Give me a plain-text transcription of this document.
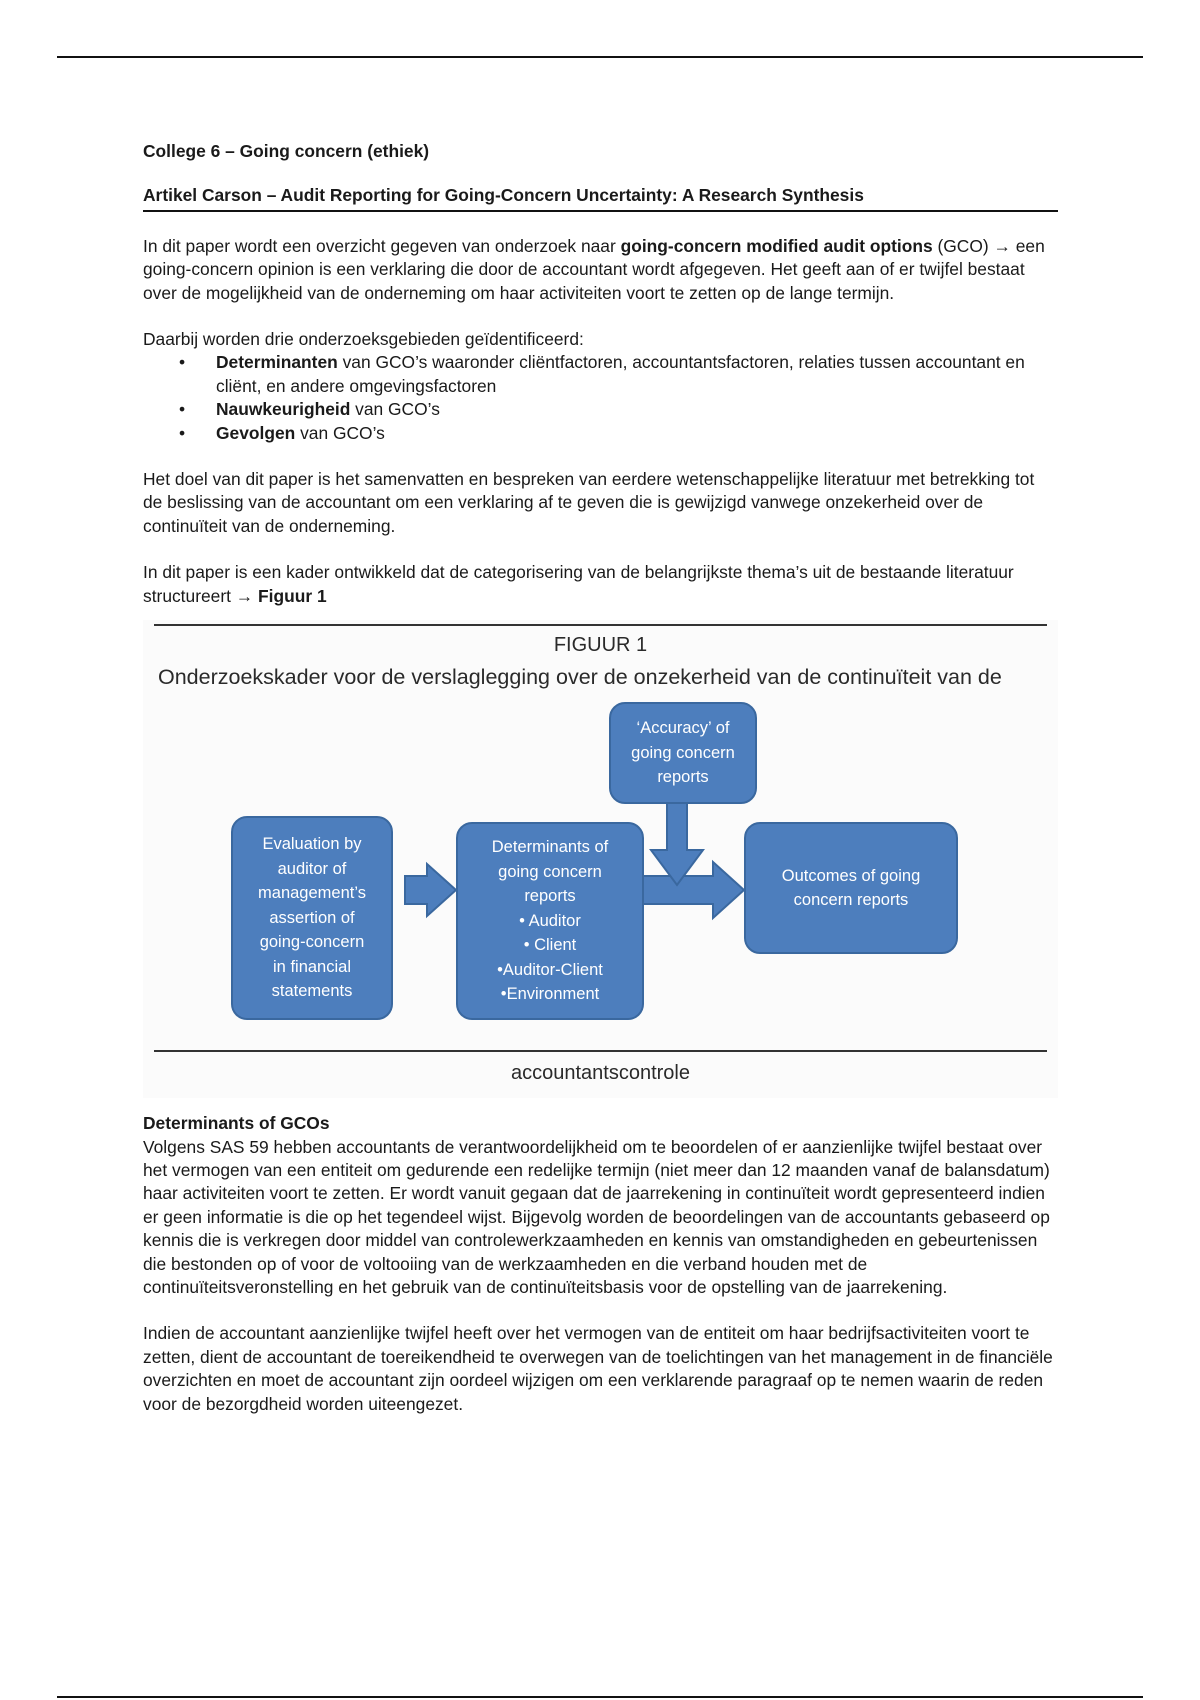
College 6 – Going concern (ethiek)

Artikel Carson – Audit Reporting for Going-Concern Uncertainty: A Research Synthesis

In dit paper wordt een overzicht gegeven van onderzoek naar going-concern modified audit options (GCO) → een going-concern opinion is een verklaring die door de accountant wordt afgegeven. Het geeft aan of er twijfel bestaat over de mogelijkheid van de onderneming om haar activiteiten voort te zetten op de lange termijn.

Daarbij worden drie onderzoeksgebieden geïdentificeerd:

• Determinanten van GCO’s waaronder cliëntfactoren, accountantsfactoren, relaties tussen accountant en cliënt, en andere omgevingsfactoren
• Nauwkeurigheid van GCO’s
• Gevolgen van GCO’s

Het doel van dit paper is het samenvatten en bespreken van eerdere wetenschappelijke literatuur met betrekking tot de beslissing van de accountant om een verklaring af te geven die is gewijzigd vanwege onzekerheid over de continuïteit van de onderneming.

In dit paper is een kader ontwikkeld dat de categorisering van de belangrijkste thema’s uit de bestaande literatuur structureert → Figuur 1

FIGUUR 1
Onderzoekskader voor de verslaglegging over de onzekerheid van de continuïteit van de
‘Accuracy’ of
going concern
reports
Evaluation by
auditor of
management’s
assertion of
going-concern
in financial
statements
Determinants of
going concern
reports
• Auditor
• Client
•Auditor-Client
•Environment
Outcomes of going
concern reports
accountantscontrole

Determinants of GCOs

Volgens SAS 59 hebben accountants de verantwoordelijkheid om te beoordelen of er aanzienlijke twijfel bestaat over het vermogen van een entiteit om gedurende een redelijke termijn (niet meer dan 12 maanden vanaf de balansdatum) haar activiteiten voort te zetten. Er wordt vanuit gegaan dat de jaarrekening in continuïteit wordt gepresenteerd indien er geen informatie is die op het tegendeel wijst. Bijgevolg worden de beoordelingen van de accountants gebaseerd op kennis die is verkregen door middel van controlewerkzaamheden en kennis van omstandigheden en gebeurtenissen die bestonden op of voor de voltooiing van de werkzaamheden en die verband houden met de continuïteitsveronstelling en het gebruik van de continuïteitsbasis voor de opstelling van de jaarrekening.

Indien de accountant aanzienlijke twijfel heeft over het vermogen van de entiteit om haar bedrijfsactiviteiten voort te zetten, dient de accountant de toereikendheid te overwegen van de toelichtingen van het management in de financiële overzichten en moet de accountant zijn oordeel wijzigen om een verklarende paragraaf op te nemen waarin de reden voor de bezorgdheid worden uiteengezet.
